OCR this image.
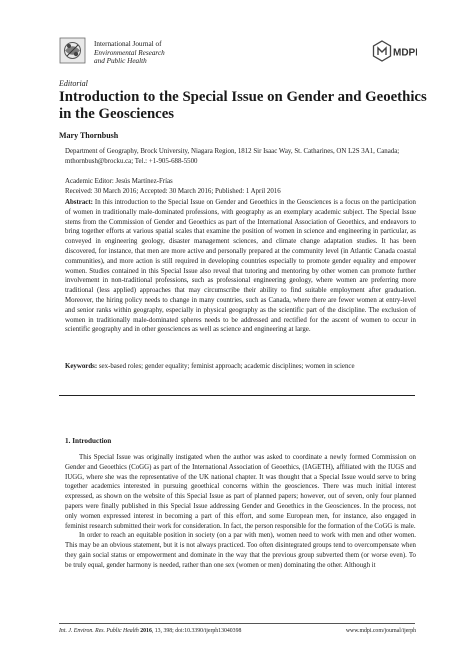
International Journal of
Environmental Research
and Public Health
MDPI
Editorial
Introduction to the Special Issue on Gender and Geoethics in the Geosciences
Mary Thornbush
Department of Geography, Brock University, Niagara Region, 1812 Sir Isaac Way, St. Catharines, ON L2S 3A1, Canada; mthornbush@brocku.ca; Tel.: +1-905-688-5500
Academic Editor: Jesús Martínez-Frías
Received: 30 March 2016; Accepted: 30 March 2016; Published: 1 April 2016
Abstract: In this introduction to the Special Issue on Gender and Geoethics in the Geosciences is a focus on the participation of women in traditionally male-dominated professions, with geography as an exemplary academic subject. The Special Issue stems from the Commission of Gender and Geoethics as part of the International Association of Geoethics, and endeavors to bring together efforts at various spatial scales that examine the position of women in science and engineering in particular, as conveyed in engineering geology, disaster management sciences, and climate change adaptation studies. It has been discovered, for instance, that men are more active and personally prepared at the community level (in Atlantic Canada coastal communities), and more action is still required in developing countries especially to promote gender equality and empower women. Studies contained in this Special Issue also reveal that tutoring and mentoring by other women can promote further involvement in non-traditional professions, such as professional engineering geology, where women are preferring more traditional (less applied) approaches that may circumscribe their ability to find suitable employment after graduation. Moreover, the hiring policy needs to change in many countries, such as Canada, where there are fewer women at entry-level and senior ranks within geography, especially in physical geography as the scientific part of the discipline. The exclusion of women in traditionally male-dominated spheres needs to be addressed and rectified for the ascent of women to occur in scientific geography and in other geosciences as well as science and engineering at large.
Keywords: sex-based roles; gender equality; feminist approach; academic disciplines; women in science
1. Introduction

This Special Issue was originally instigated when the author was asked to coordinate a newly formed Commission on Gender and Geoethics (CoGG) as part of the International Association of Geoethics, (IAGETH), affiliated with the IUGS and IUGG, where she was the representative of the UK national chapter. It was thought that a Special Issue would serve to bring together academics interested in pursuing geoethical concerns within the geosciences. There was much initial interest expressed, as shown on the website of this Special Issue as part of planned papers; however, out of seven, only four planned papers were finally published in this Special Issue addressing Gender and Geoethics in the Geosciences. In the process, not only women expressed interest in becoming a part of this effort, and some European men, for instance, also engaged in feminist research submitted their work for consideration. In fact, the person responsible for the formation of the CoGG is male.

In order to reach an equitable position in society (on a par with men), women need to work with men and other women. This may be an obvious statement, but it is not always practiced. Too often disintegrated groups tend to overcompensate when they gain social status or empowerment and dominate in the way that the previous group subverted them (or worse even). To be truly equal, gender harmony is needed, rather than one sex (women or men) dominating the other. Although it

Int. J. Environ. Res. Public Health 2016, 13, 398; doi:10.3390/ijerph13040398	www.mdpi.com/journal/ijerph
